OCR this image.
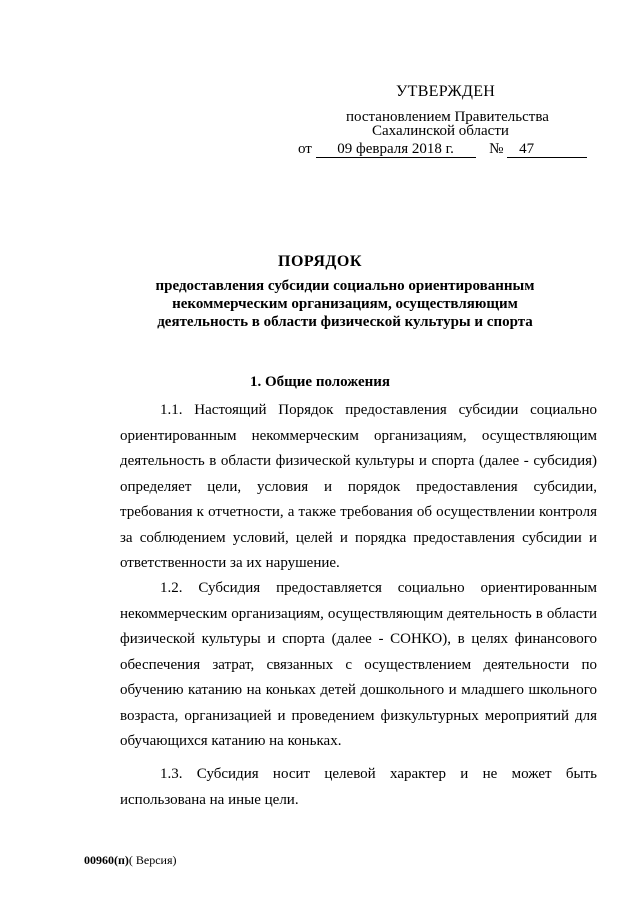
УТВЕРЖДЕН
постановлением Правительства
Сахалинской области
от 09 февраля 2018 г. № 47
ПОРЯДОК
предоставления субсидии социально ориентированным некоммерческим организациям, осуществляющим деятельность в области физической культуры и спорта
1. Общие положения

1.1. Настоящий Порядок предоставления субсидии социально ориентированным некоммерческим организациям, осуществляющим деятельность в области физической культуры и спорта (далее - субсидия) определяет цели, условия и порядок предоставления субсидии, требования к отчетности, а также требования об осуществлении контроля за соблюдением условий, целей и порядка предоставления субсидии и ответственности за их нарушение.

1.2. Субсидия предоставляется социально ориентированным некоммерческим организациям, осуществляющим деятельность в области физической культуры и спорта (далее - СОНКО), в целях финансового обеспечения затрат, связанных с осуществлением деятельности по обучению катанию на коньках детей дошкольного и младшего школьного возраста, организацией и проведением физкультурных мероприятий для обучающихся катанию на коньках.

1.3. Субсидия носит целевой характер и не может быть использована на иные цели.

00960(п)( Версия)
